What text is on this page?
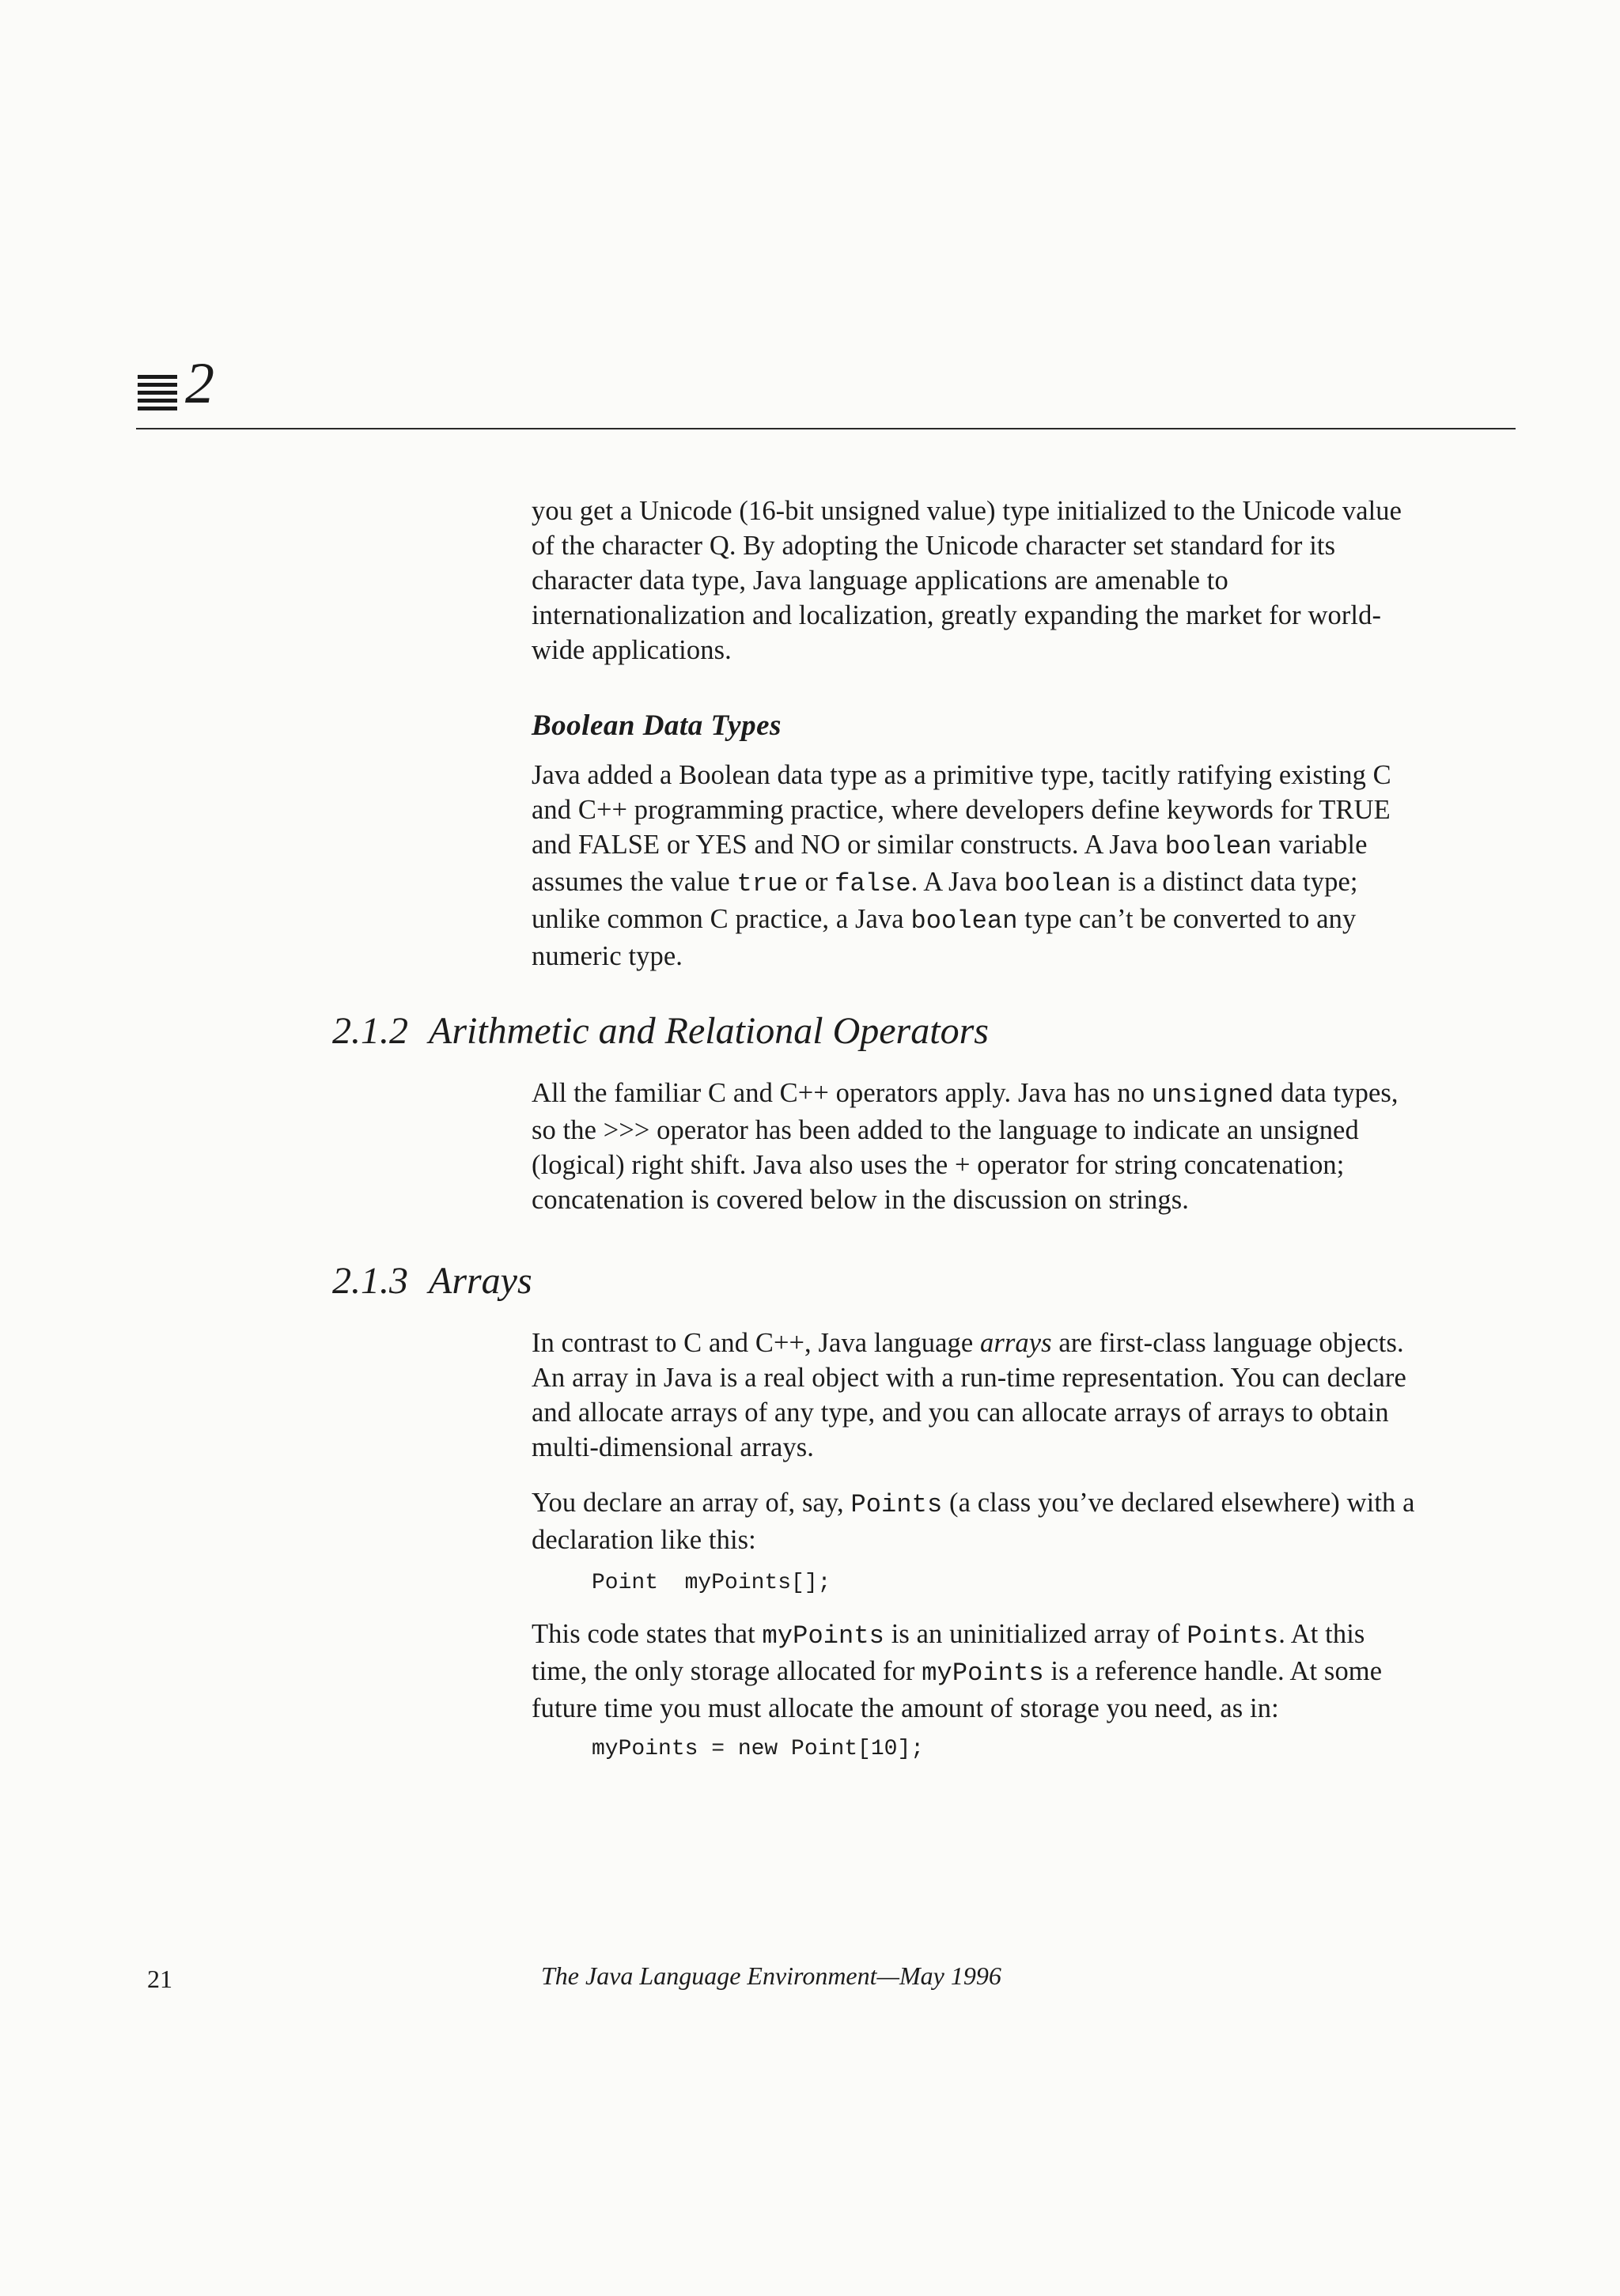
2

you get a Unicode (16-bit unsigned value) type initialized to the Unicode value

of the character Q. By adopting the Unicode character set standard for its

character data type, Java language applications are amenable to

internationalization and localization, greatly expanding the market for world-

wide applications.

Boolean Data Types

Java added a Boolean data type as a primitive type, tacitly ratifying existing C

and C++ programming practice, where developers define keywords for TRUE

and FALSE or YES and NO or similar constructs. A Java boolean variable

assumes the value true or false. A Java boolean is a distinct data type;

unlike common C practice, a Java boolean type can’t be converted to any

numeric type.

2.1.2 Arithmetic and Relational Operators

All the familiar C and C++ operators apply. Java has no unsigned data types,

so the >>> operator has been added to the language to indicate an unsigned

(logical) right shift. Java also uses the + operator for string concatenation;

concatenation is covered below in the discussion on strings.

2.1.3 Arrays

In contrast to C and C++, Java language arrays are first-class language objects.

An array in Java is a real object with a run-time representation. You can declare

and allocate arrays of any type, and you can allocate arrays of arrays to obtain

multi-dimensional arrays.

You declare an array of, say, Points (a class you’ve declared elsewhere) with a

declaration like this:

Point  myPoints[];

This code states that myPoints is an uninitialized array of Points. At this

time, the only storage allocated for myPoints is a reference handle. At some

future time you must allocate the amount of storage you need, as in:

myPoints = new Point[10];
21	The Java Language Environment—May 1996
